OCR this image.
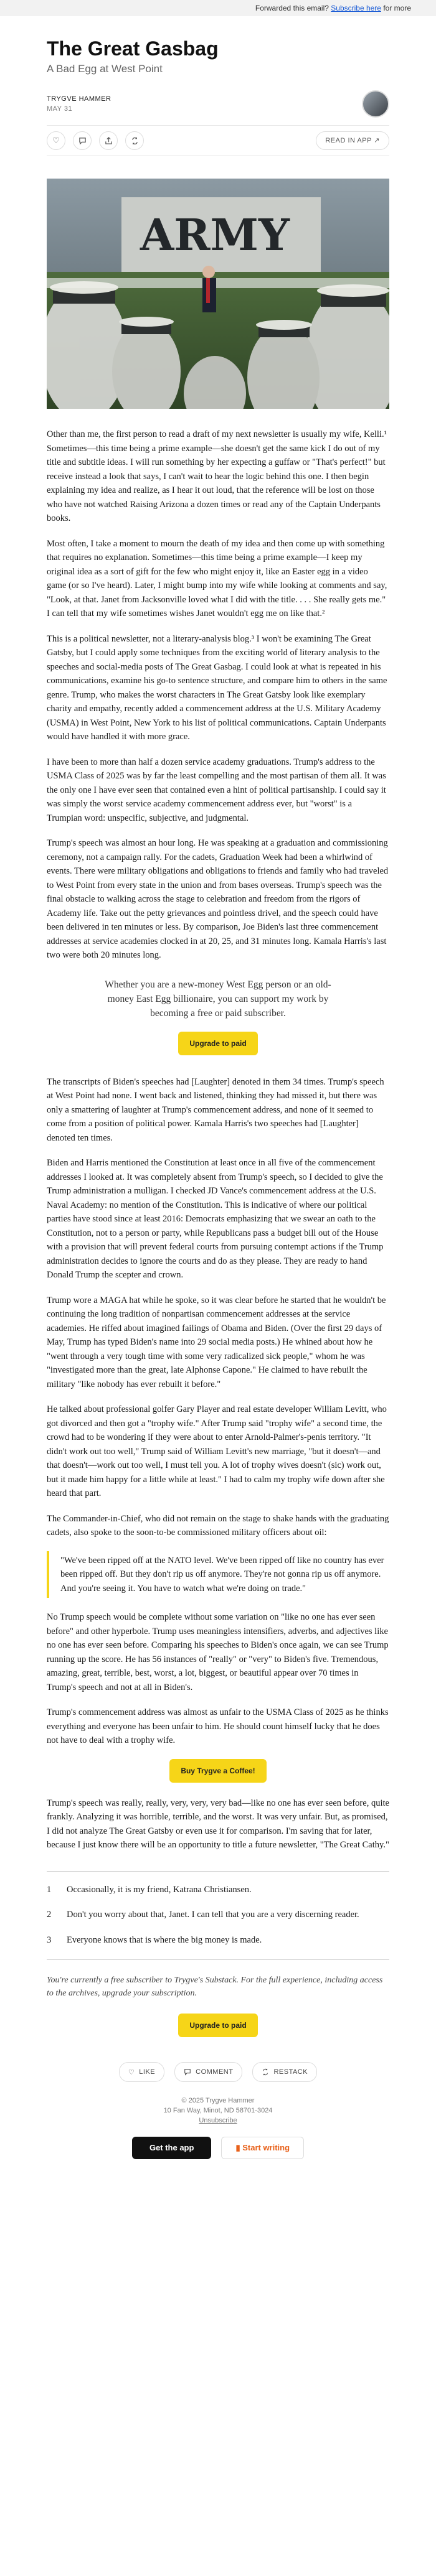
Forwarded this email? Subscribe here for more
The Great Gasbag
A Bad Egg at West Point
TRYGVE HAMMER
MAY 31
♡	READ IN APP ↗
ARMY

Other than me, the first person to read a draft of my next newsletter is usually my wife, Kelli.¹ Sometimes—this time being a prime example—she doesn't get the same kick I do out of my title and subtitle ideas. I will run something by her expecting a guffaw or "That's perfect!" but receive instead a look that says, I can't wait to hear the logic behind this one. I then begin explaining my idea and realize, as I hear it out loud, that the reference will be lost on those who have not watched Raising Arizona a dozen times or read any of the Captain Underpants books.

Most often, I take a moment to mourn the death of my idea and then come up with something that requires no explanation. Sometimes—this time being a prime example—I keep my original idea as a sort of gift for the few who might enjoy it, like an Easter egg in a video game (or so I've heard). Later, I might bump into my wife while looking at comments and say, "Look, at that. Janet from Jacksonville loved what I did with the title. . . . She really gets me." I can tell that my wife sometimes wishes Janet wouldn't egg me on like that.²

This is a political newsletter, not a literary-analysis blog.³ I won't be examining The Great Gatsby, but I could apply some techniques from the exciting world of literary analysis to the speeches and social-media posts of The Great Gasbag. I could look at what is repeated in his communications, examine his go-to sentence structure, and compare him to others in the same genre. Trump, who makes the worst characters in The Great Gatsby look like exemplary charity and empathy, recently added a commencement address at the U.S. Military Academy (USMA) in West Point, New York to his list of political communications. Captain Underpants would have handled it with more grace.

I have been to more than half a dozen service academy graduations. Trump's address to the USMA Class of 2025 was by far the least compelling and the most partisan of them all. It was the only one I have ever seen that contained even a hint of political partisanship. I could say it was simply the worst service academy commencement address ever, but "worst" is a Trumpian word: unspecific, subjective, and judgmental.

Trump's speech was almost an hour long. He was speaking at a graduation and commissioning ceremony, not a campaign rally. For the cadets, Graduation Week had been a whirlwind of events. There were military obligations and obligations to friends and family who had traveled to West Point from every state in the union and from bases overseas. Trump's speech was the final obstacle to walking across the stage to celebration and freedom from the rigors of Academy life. Take out the petty grievances and pointless drivel, and the speech could have been delivered in ten minutes or less. By comparison, Joe Biden's last three commencement addresses at service academies clocked in at 20, 25, and 31 minutes long. Kamala Harris's last two were both 20 minutes long.

Whether you are a new-money West Egg person or an old-money East Egg billionaire, you can support my work by becoming a free or paid subscriber.
Upgrade to paid

The transcripts of Biden's speeches had [Laughter] denoted in them 34 times. Trump's speech at West Point had none. I went back and listened, thinking they had missed it, but there was only a smattering of laughter at Trump's commencement address, and none of it seemed to come from a position of political power. Kamala Harris's two speeches had [Laughter] denoted ten times.

Biden and Harris mentioned the Constitution at least once in all five of the commencement addresses I looked at. It was completely absent from Trump's speech, so I decided to give the Trump administration a mulligan. I checked JD Vance's commencement address at the U.S. Naval Academy: no mention of the Constitution. This is indicative of where our political parties have stood since at least 2016: Democrats emphasizing that we swear an oath to the Constitution, not to a person or party, while Republicans pass a budget bill out of the House with a provision that will prevent federal courts from pursuing contempt actions if the Trump administration decides to ignore the courts and do as they please. They are ready to hand Donald Trump the scepter and crown.

Trump wore a MAGA hat while he spoke, so it was clear before he started that he wouldn't be continuing the long tradition of nonpartisan commencement addresses at the service academies. He riffed about imagined failings of Obama and Biden. (Over the first 29 days of May, Trump has typed Biden's name into 29 social media posts.) He whined about how he "went through a very tough time with some very radicalized sick people," whom he was "investigated more than the great, late Alphonse Capone." He claimed to have rebuilt the military "like nobody has ever rebuilt it before."

He talked about professional golfer Gary Player and real estate developer William Levitt, who got divorced and then got a "trophy wife." After Trump said "trophy wife" a second time, the crowd had to be wondering if they were about to enter Arnold-Palmer's-penis territory. "It didn't work out too well," Trump said of William Levitt's new marriage, "but it doesn't—and that doesn't—work out too well, I must tell you. A lot of trophy wives doesn't (sic) work out, but it made him happy for a little while at least." I had to calm my trophy wife down after she heard that part.

The Commander-in-Chief, who did not remain on the stage to shake hands with the graduating cadets, also spoke to the soon-to-be commissioned military officers about oil:

"We've been ripped off at the NATO level. We've been ripped off like no country has ever been ripped off. But they don't rip us off anymore. They're not gonna rip us off anymore. And you're seeing it. You have to watch what we're doing on trade."

No Trump speech would be complete without some variation on "like no one has ever seen before" and other hyperbole. Trump uses meaningless intensifiers, adverbs, and adjectives like no one has ever seen before. Comparing his speeches to Biden's once again, we can see Trump running up the score. He has 56 instances of "really" or "very" to Biden's five. Tremendous, amazing, great, terrible, best, worst, a lot, biggest, or beautiful appear over 70 times in Trump's speech and not at all in Biden's.

Trump's commencement address was almost as unfair to the USMA Class of 2025 as he thinks everything and everyone has been unfair to him. He should count himself lucky that he does not have to deal with a trophy wife.

Buy Trygve a Coffee!

Trump's speech was really, really, very, very, very bad—like no one has ever seen before, quite frankly. Analyzing it was horrible, terrible, and the worst. It was very unfair. But, as promised, I did not analyze The Great Gatsby or even use it for comparison. I'm saving that for later, because I just know there will be an opportunity to title a future newsletter, "The Great Cathy."

1	Occasionally, it is my friend, Katrana Christiansen.
2	Don't you worry about that, Janet. I can tell that you are a very discerning reader.
3	Everyone knows that is where the big money is made.
You're currently a free subscriber to Trygve's Substack. For the full experience, including access to the archives, upgrade your subscription.
Upgrade to paid
♡ LIKE	COMMENT	RESTACK
© 2025 Trygve Hammer
10 Fan Way, Minot, ND 58701-3024
Unsubscribe
Get the app	▮ Start writing
